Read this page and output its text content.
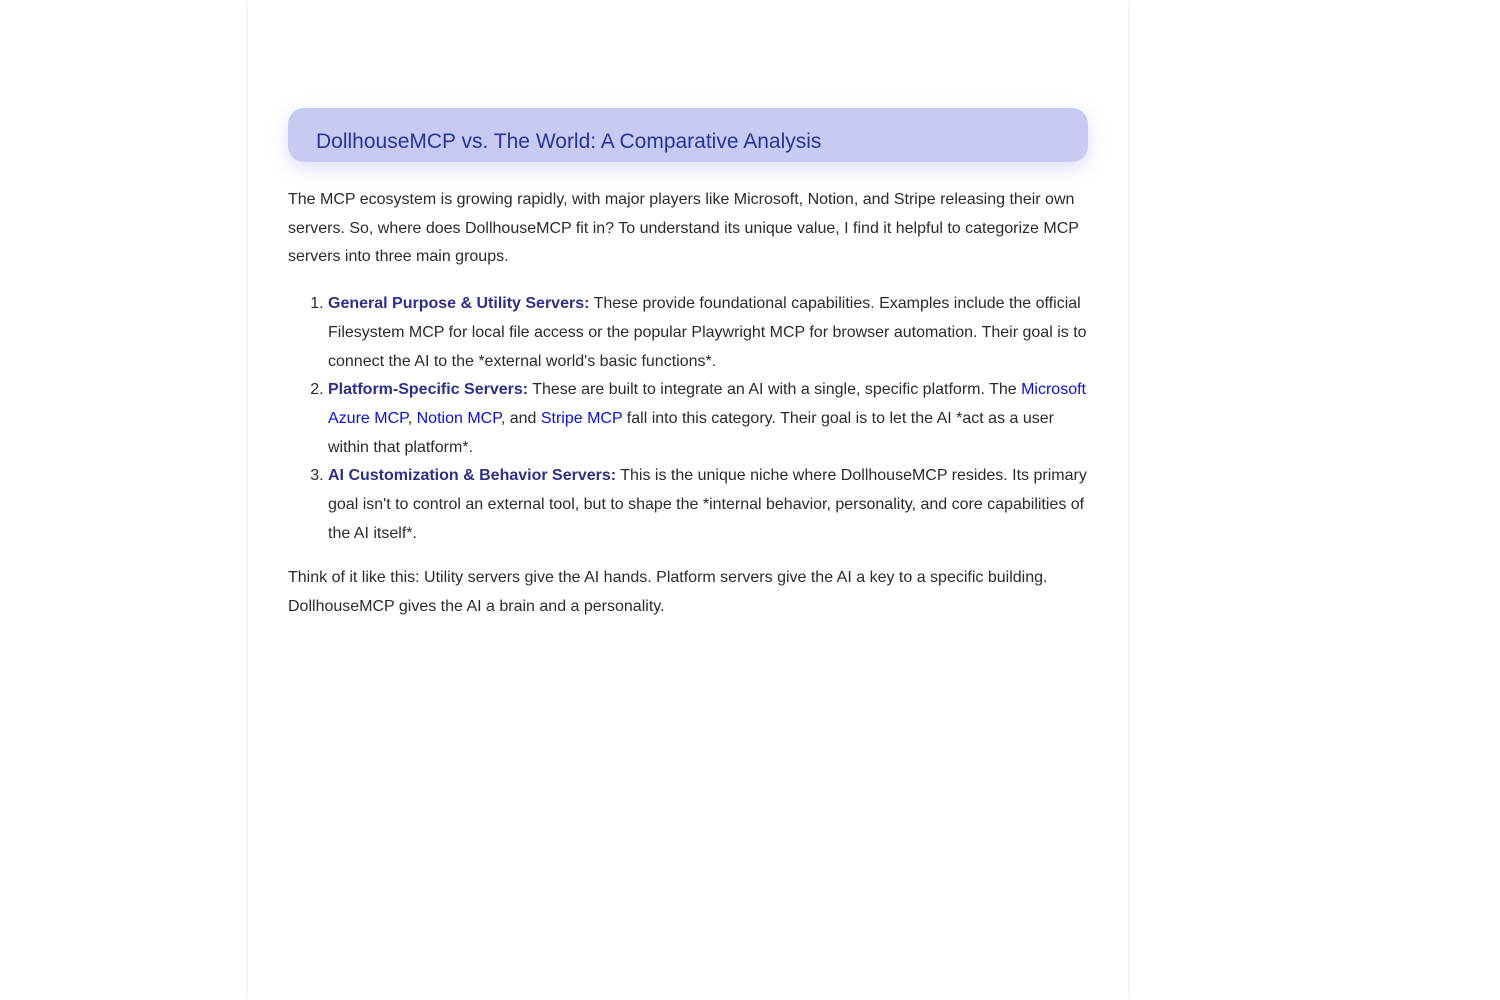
DollhouseMCP vs. The World: A Comparative Analysis

The MCP ecosystem is growing rapidly, with major players like Microsoft, Notion, and Stripe releasing their own servers. So, where does DollhouseMCP fit in? To understand its unique value, I find it helpful to categorize MCP servers into three main groups.

1. General Purpose & Utility Servers: These provide foundational capabilities. Examples include the official Filesystem MCP for local file access or the popular Playwright MCP for browser automation. Their goal is to connect the AI to the *external world's basic functions*.
2. Platform-Specific Servers: These are built to integrate an AI with a single, specific platform. The Microsoft Azure MCP, Notion MCP, and Stripe MCP fall into this category. Their goal is to let the AI *act as a user within that platform*.
3. AI Customization & Behavior Servers: This is the unique niche where DollhouseMCP resides. Its primary goal isn't to control an external tool, but to shape the *internal behavior, personality, and core capabilities of the AI itself*.

Think of it like this: Utility servers give the AI hands. Platform servers give the AI a key to a specific building. DollhouseMCP gives the AI a brain and a personality.
